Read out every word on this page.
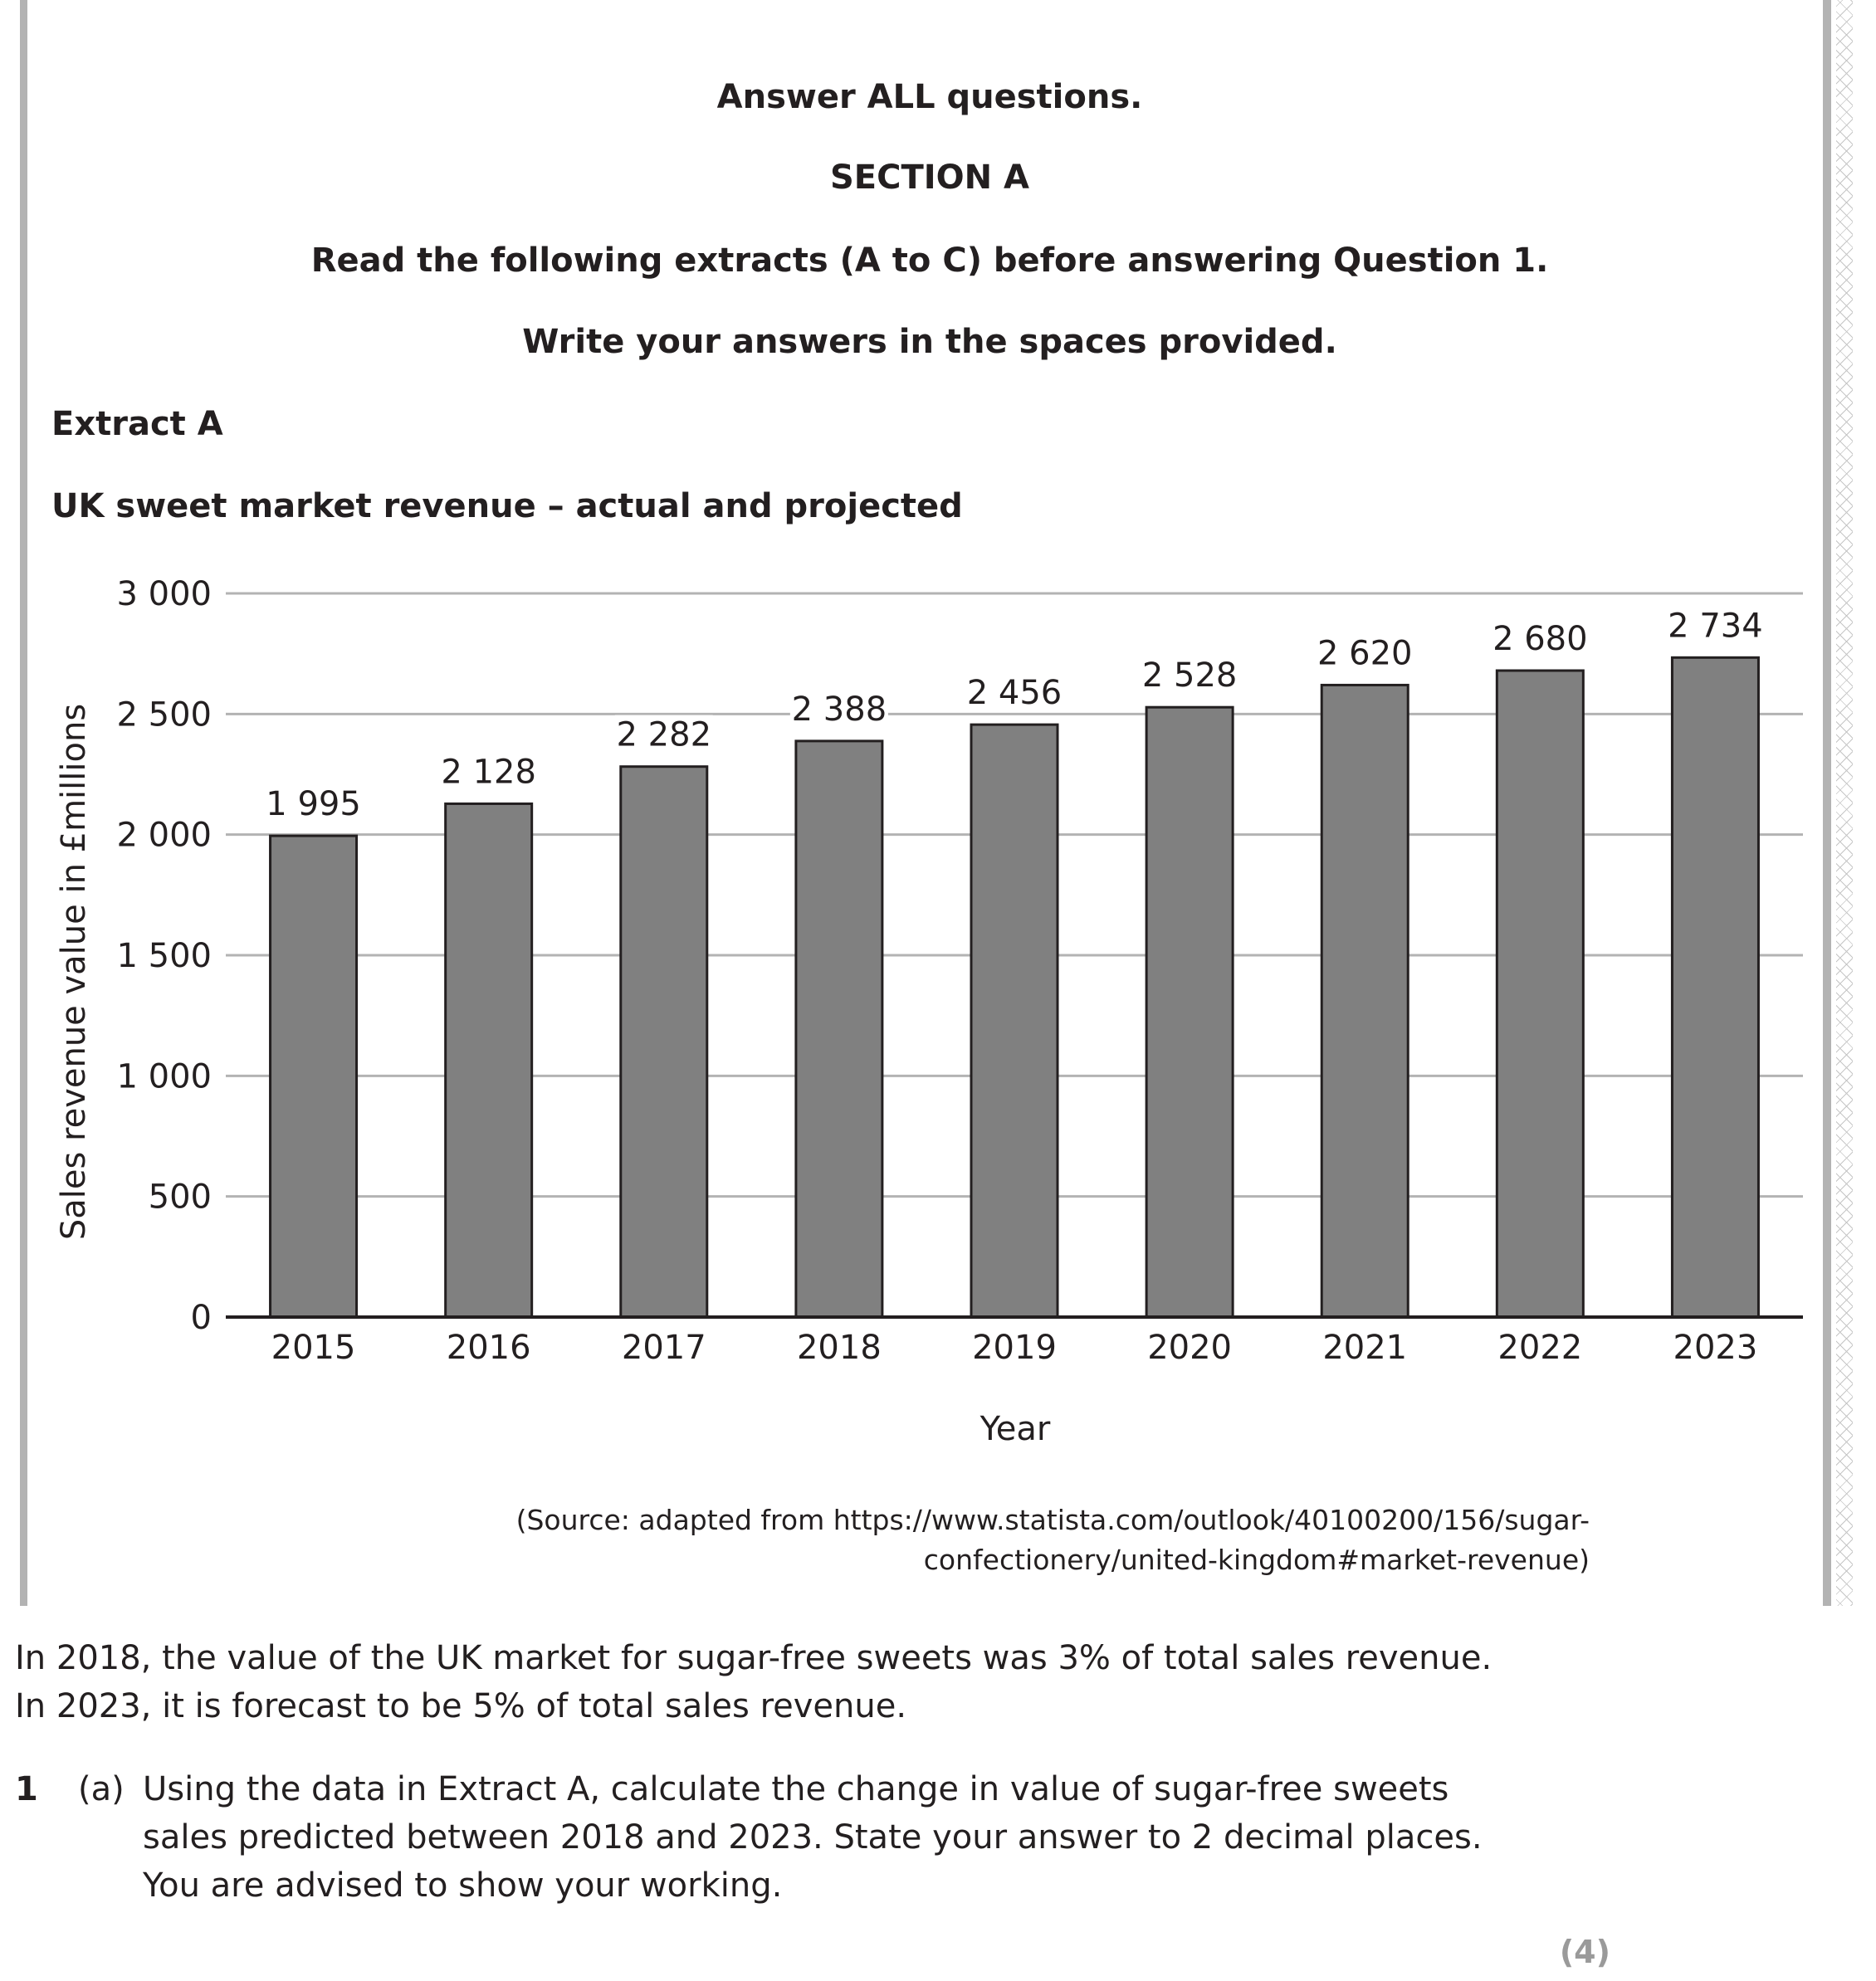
Answer ALL questions.
SECTION A
Read the following extracts (A to C) before answering Question 1.
Write your answers in the spaces provided.
Extract A
UK sweet market revenue – actual and projected
0
500
1 000
1 500
2 000
2 500
3 000
1 995
2015
2 128
2016
2 282
2017
2 388
2018
2 456
2019
2 528
2020
2 620
2021
2 680
2022
2 734
2023
Year
Sales revenue value in £millions
(Source: adapted from https://www.statista.com/outlook/40100200/156/sugar-
confectionery/united-kingdom#market-revenue)
In 2018, the value of the UK market for sugar-free sweets was 3% of total sales revenue.
In 2023, it is forecast to be 5% of total sales revenue.
1 (a) Using the data in Extract A, calculate the change in value of sugar-free sweets
sales predicted between 2018 and 2023. State your answer to 2 decimal places.
You are advised to show your working.
(4)
